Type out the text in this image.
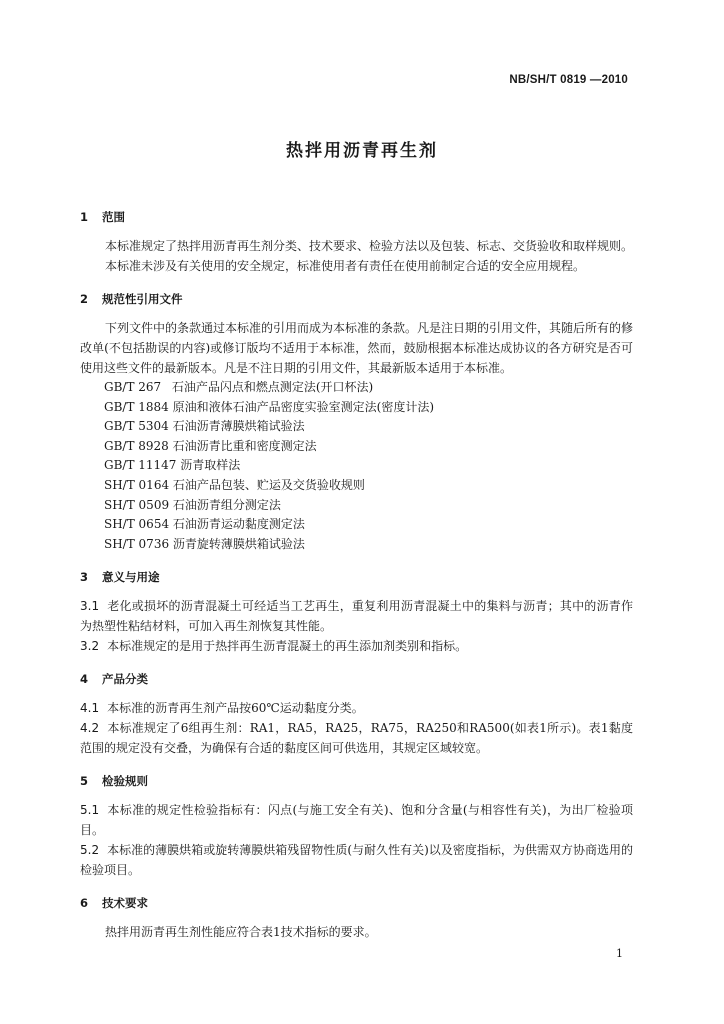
NB/SH/T 0819 —2010
热拌用沥青再生剂
1 范围

本标准规定了热拌用沥青再生剂分类、技术要求、检验方法以及包装、标志、交货验收和取样规则。

本标准未涉及有关使用的安全规定，标准使用者有责任在使用前制定合适的安全应用规程。

2 规范性引用文件

下列文件中的条款通过本标准的引用而成为本标准的条款。凡是注日期的引用文件，其随后所有的修改单(不包括勘误的内容)或修订版均不适用于本标准，然而，鼓励根据本标准达成协议的各方研究是否可使用这些文件的最新版本。凡是不注日期的引用文件，其最新版本适用于本标准。

GB/T 267 石油产品闪点和燃点测定法(开口杯法)
GB/T 1884 原油和液体石油产品密度实验室测定法(密度计法)
GB/T 5304 石油沥青薄膜烘箱试验法
GB/T 8928 石油沥青比重和密度测定法
GB/T 11147 沥青取样法
SH/T 0164 石油产品包装、贮运及交货验收规则
SH/T 0509 石油沥青组分测定法
SH/T 0654 石油沥青运动黏度测定法
SH/T 0736 沥青旋转薄膜烘箱试验法
3 意义与用途

3.1 老化或损坏的沥青混凝土可经适当工艺再生，重复利用沥青混凝土中的集料与沥青；其中的沥青作为热塑性粘结材料，可加入再生剂恢复其性能。

3.2 本标准规定的是用于热拌再生沥青混凝土的再生添加剂类别和指标。

4 产品分类

4.1 本标准的沥青再生剂产品按60℃运动黏度分类。

4.2 本标准规定了6组再生剂：RA1，RA5，RA25，RA75，RA250和RA500(如表1所示)。表1黏度范围的规定没有交叠，为确保有合适的黏度区间可供选用，其规定区域较宽。

5 检验规则

5.1 本标准的规定性检验指标有：闪点(与施工安全有关)、饱和分含量(与相容性有关)，为出厂检验项目。

5.2 本标准的薄膜烘箱或旋转薄膜烘箱残留物性质(与耐久性有关)以及密度指标，为供需双方协商选用的检验项目。

6 技术要求

热拌用沥青再生剂性能应符合表1技术指标的要求。

1
